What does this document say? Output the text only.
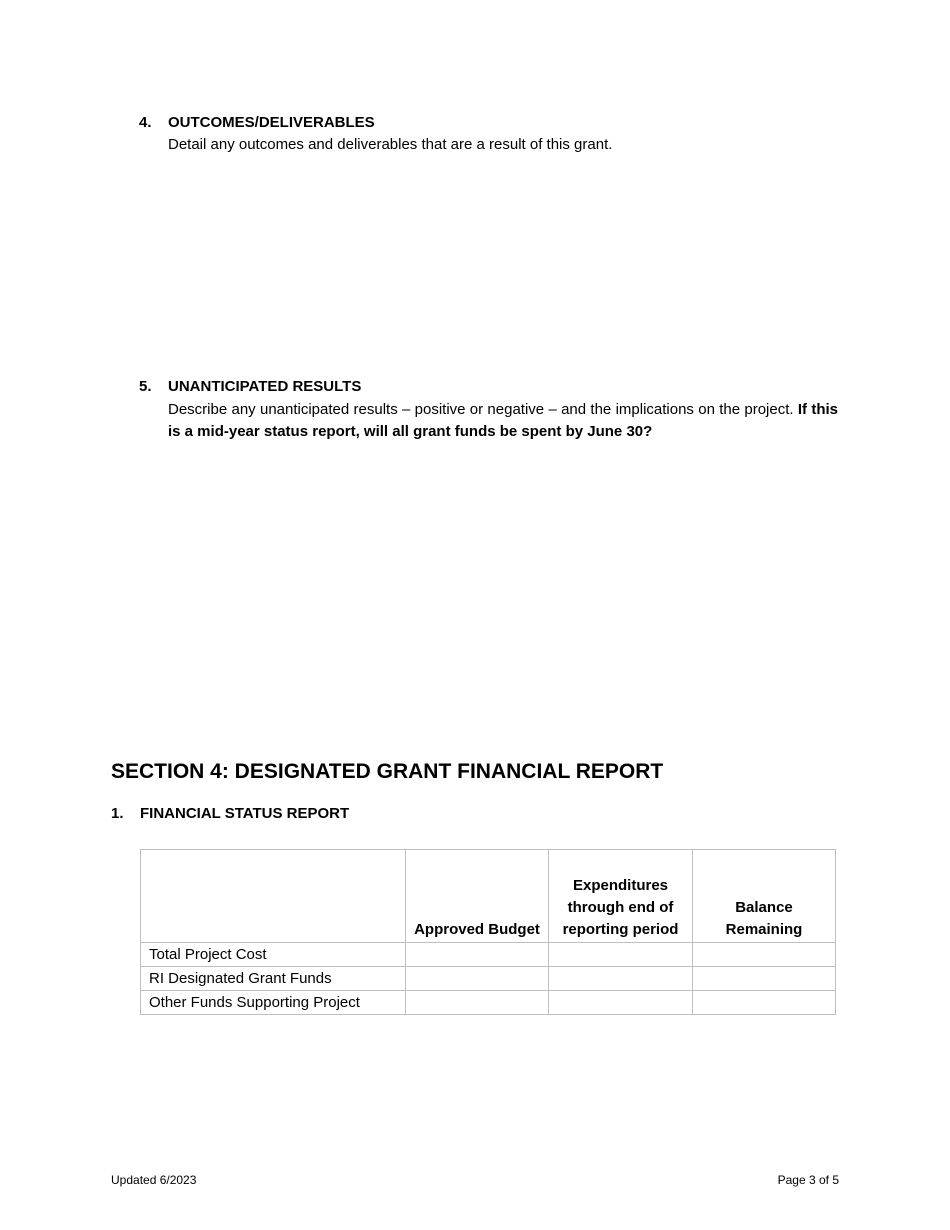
4. OUTCOMES/DELIVERABLES
Detail any outcomes and deliverables that are a result of this grant.
5. UNANTICIPATED RESULTS
Describe any unanticipated results – positive or negative – and the implications on the project. If this is a mid-year status report, will all grant funds be spent by June 30?
SECTION 4: DESIGNATED GRANT FINANCIAL REPORT
1. FINANCIAL STATUS REPORT
	Approved Budget	Expenditures through end of reporting period	Balance Remaining
Total Project Cost			
RI Designated Grant Funds			
Other Funds Supporting Project			
Updated 6/2023	Page 3 of 5
